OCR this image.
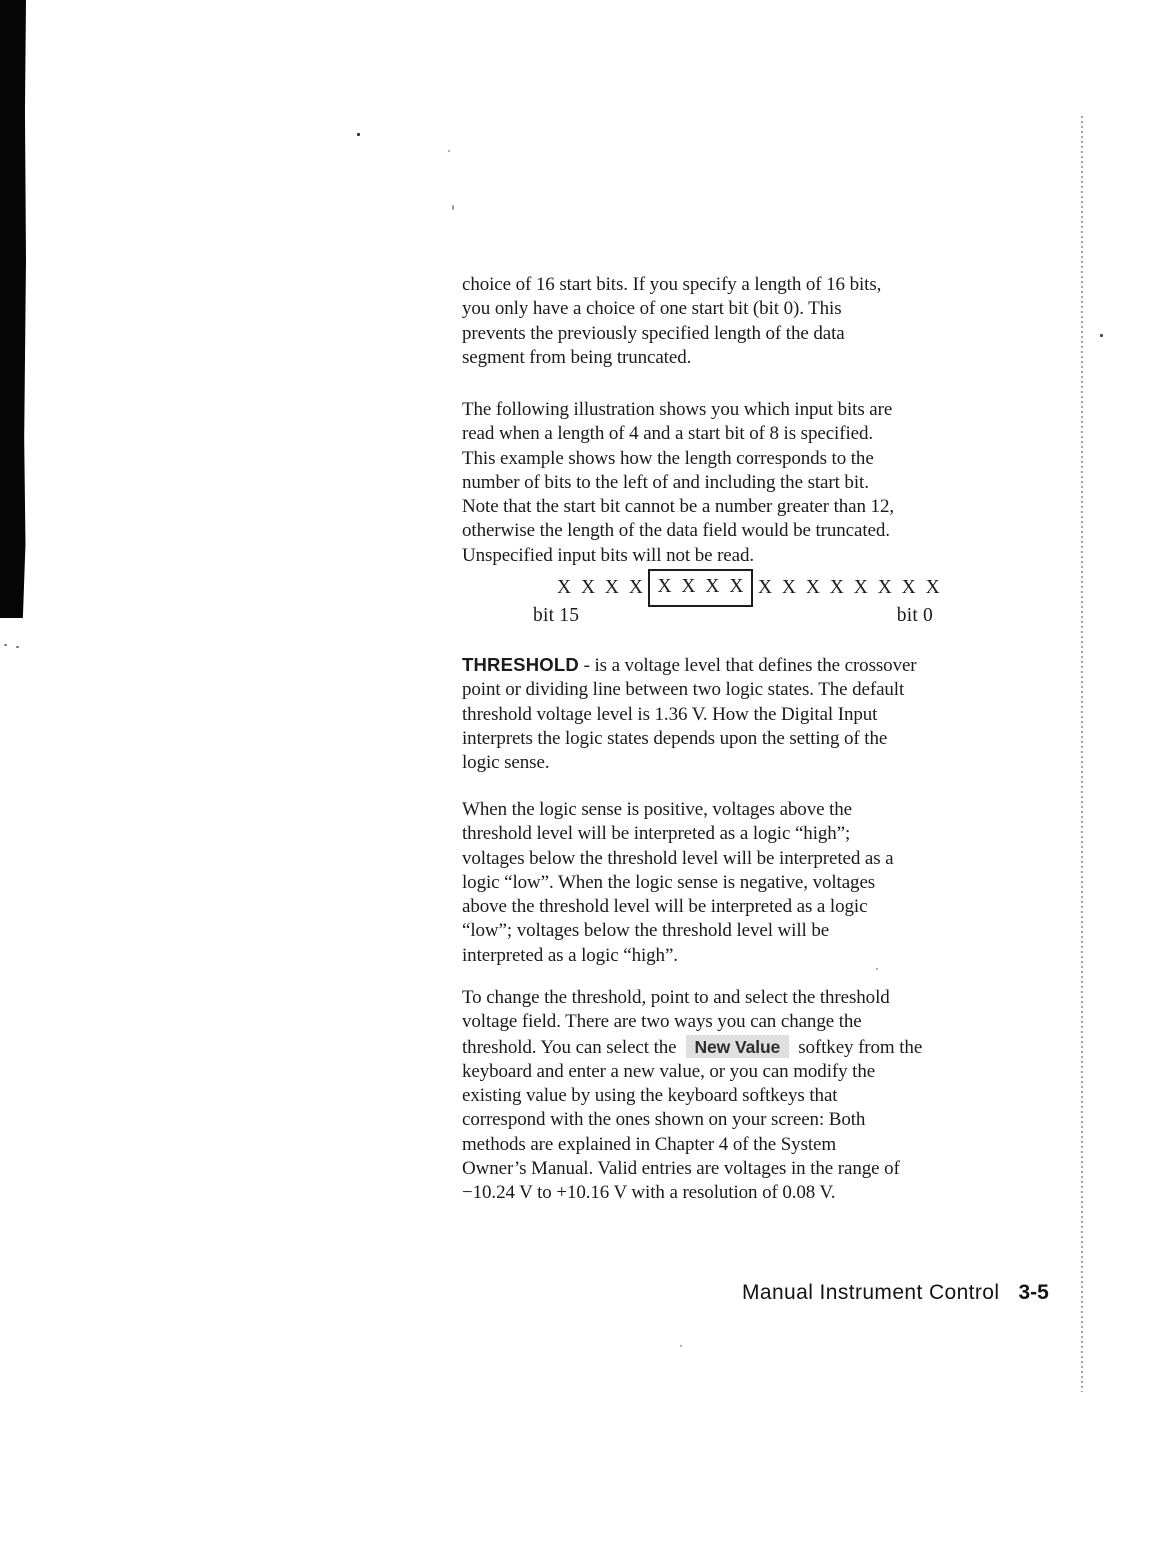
choice of 16 start bits. If you specify a length of 16 bits,
you only have a choice of one start bit (bit 0). This
prevents the previously specified length of the data
segment from being truncated.
The following illustration shows you which input bits are
read when a length of 4 and a start bit of 8 is specified.
This example shows how the length corresponds to the
number of bits to the left of and including the start bit.
Note that the start bit cannot be a number greater than 12,
otherwise the length of the data field would be truncated.
Unspecified input bits will not be read.
X X X X X X X X X X X X X X X X
bit 15	bit 0
THRESHOLD - is a voltage level that defines the crossover
point or dividing line between two logic states. The default
threshold voltage level is 1.36 V. How the Digital Input
interprets the logic states depends upon the setting of the
logic sense.
When the logic sense is positive, voltages above the
threshold level will be interpreted as a logic “high”;
voltages below the threshold level will be interpreted as a
logic “low”. When the logic sense is negative, voltages
above the threshold level will be interpreted as a logic
“low”; voltages below the threshold level will be
interpreted as a logic “high”.
To change the threshold, point to and select the threshold
voltage field. There are two ways you can change the
threshold. You can select the New Value softkey from the
keyboard and enter a new value, or you can modify the
existing value by using the keyboard softkeys that
correspond with the ones shown on your screen: Both
methods are explained in Chapter 4 of the System
Owner’s Manual. Valid entries are voltages in the range of
−10.24 V to +10.16 V with a resolution of 0.08 V.
Manual Instrument Control 3-5
